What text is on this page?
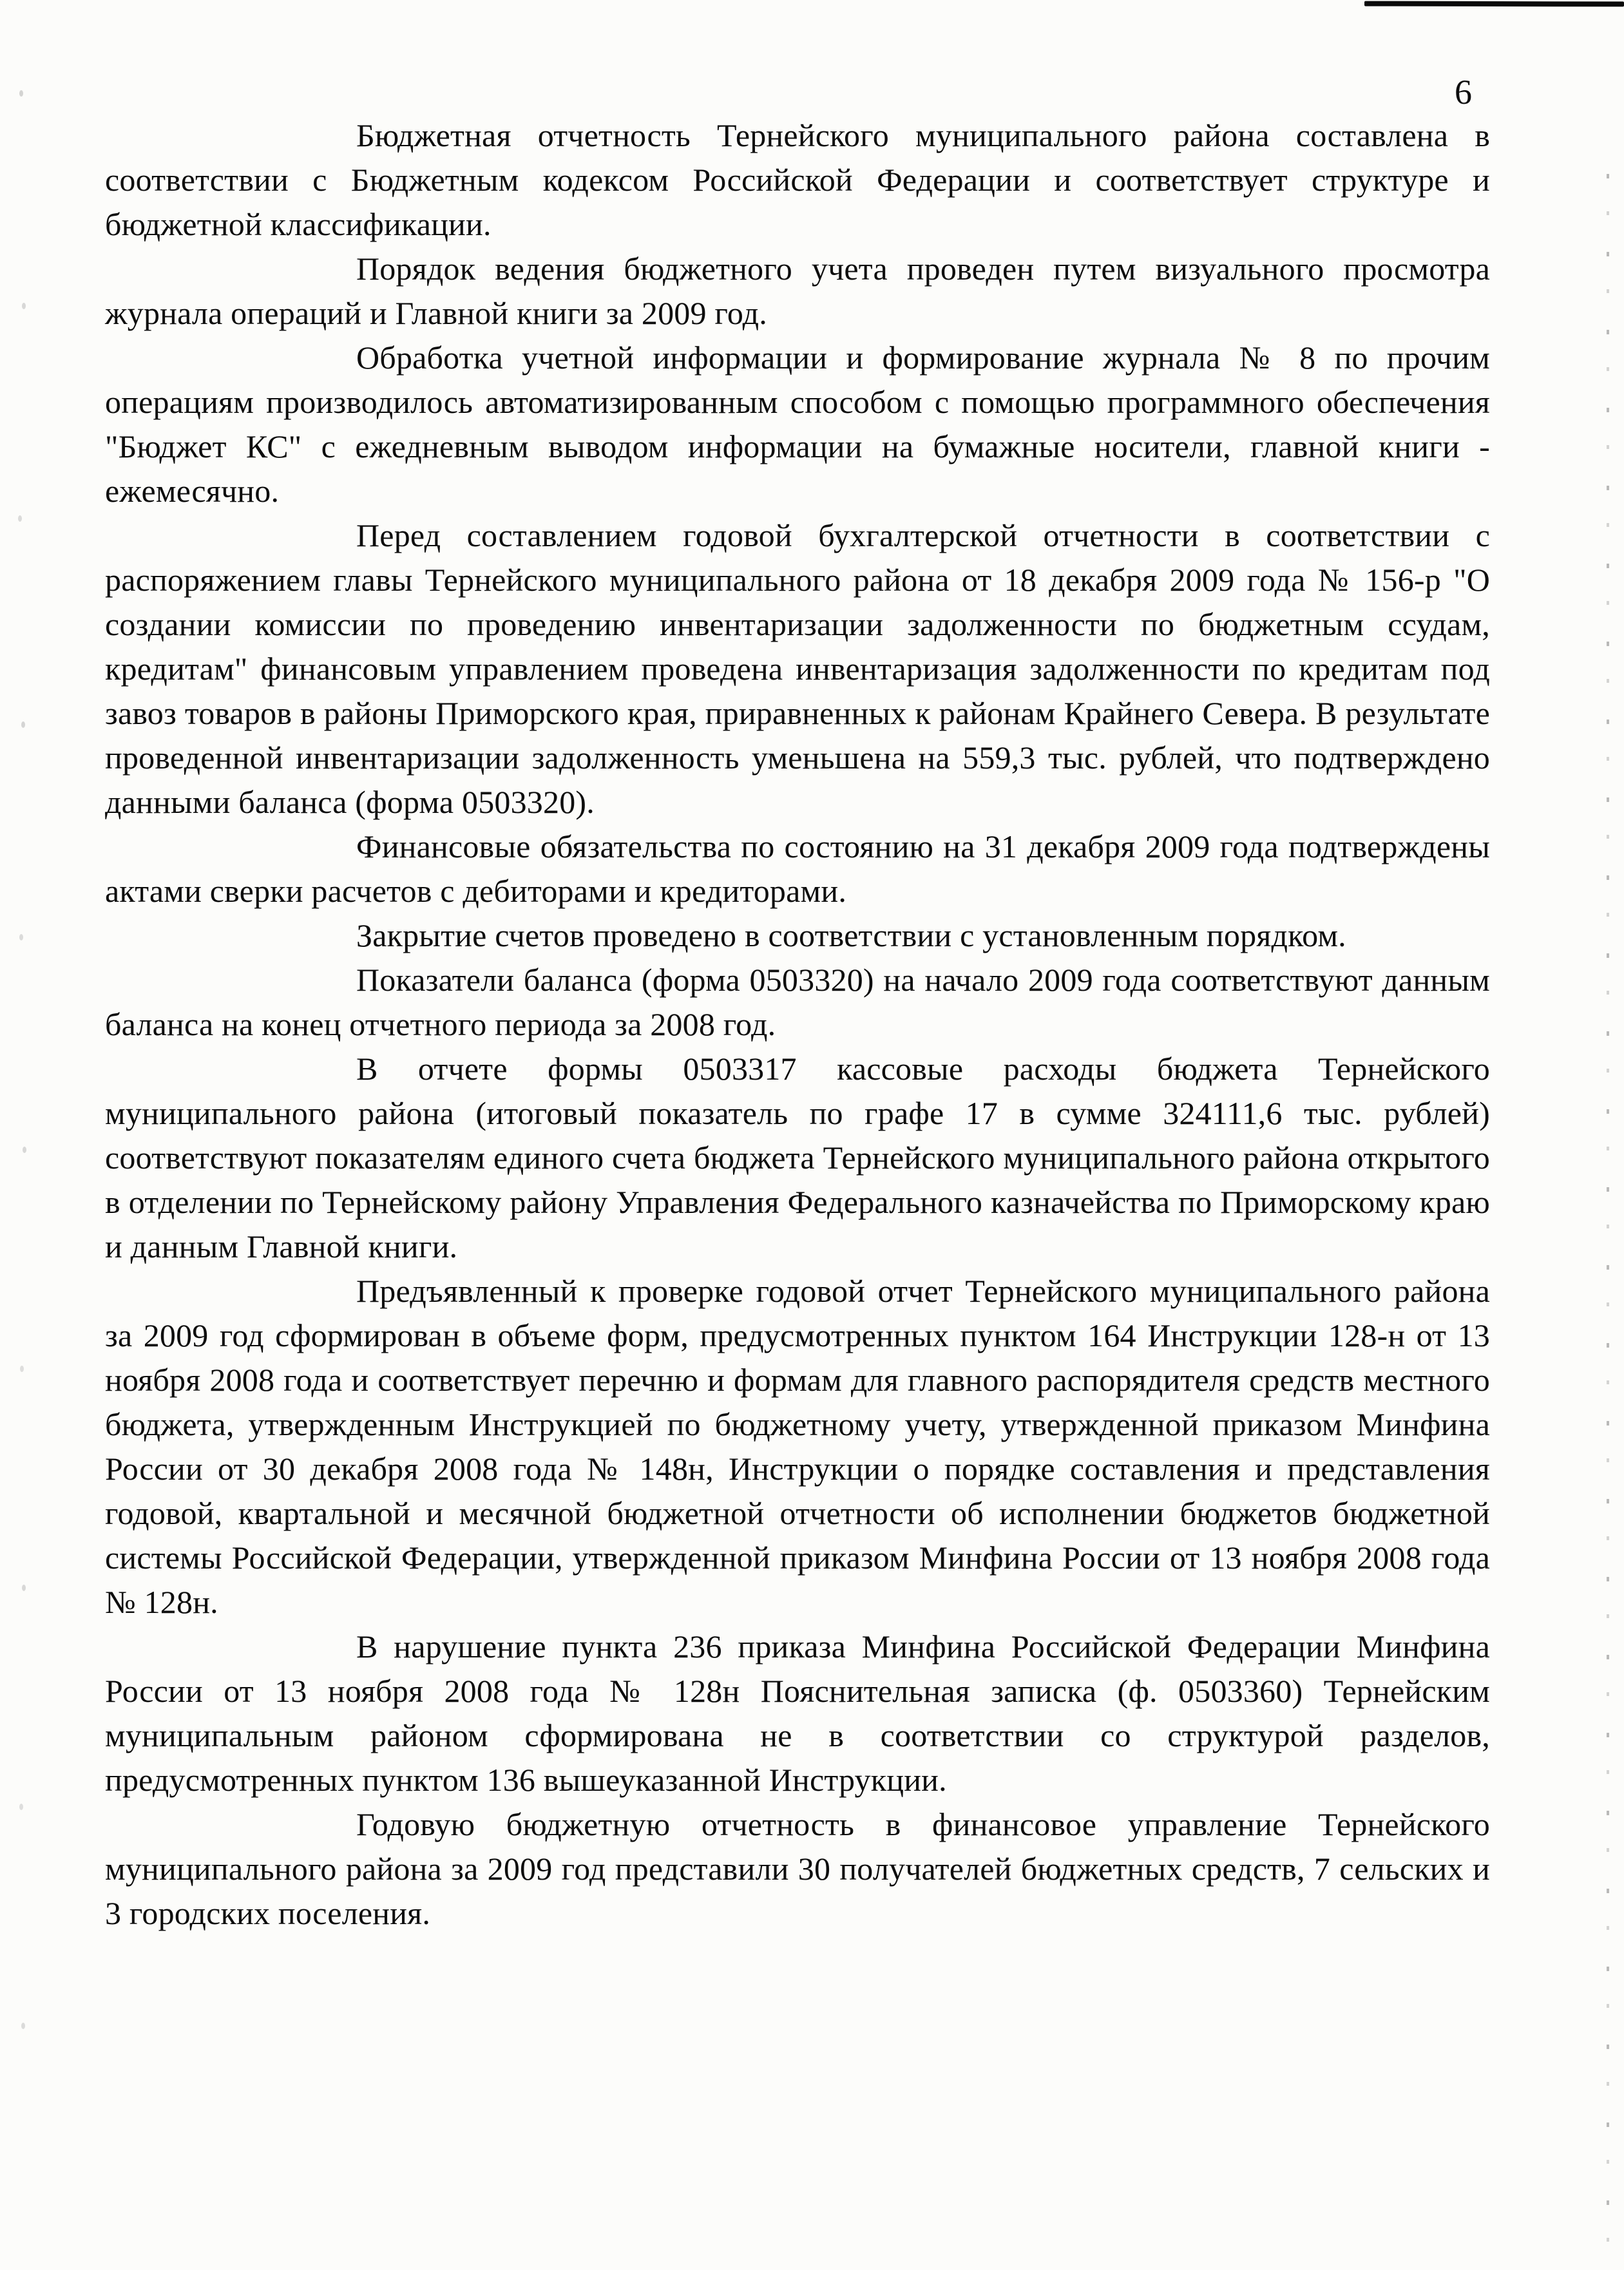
6

Бюджетная отчетность Тернейского муниципального района составлена в соответствии с Бюджетным кодексом Российской Федерации и соответствует структуре и бюджетной классификации.

Порядок ведения бюджетного учета проведен путем визуального просмотра журнала операций и Главной книги за 2009 год.

Обработка учетной информации и формирование журнала № 8 по прочим операциям производилось автоматизированным способом с помощью программного обеспечения "Бюджет КС" с ежедневным выводом информации на бумажные носители, главной книги - ежемесячно.

Перед составлением годовой бухгалтерской отчетности в соответствии с распоряжением главы Тернейского муниципального района от 18 декабря 2009 года № 156-р "О создании комиссии по проведению инвентаризации задолженности по бюджетным ссудам, кредитам" финансовым управлением проведена инвентаризация задолженности по кредитам под завоз товаров в районы Приморского края, приравненных к районам Крайнего Севера. В результате проведенной инвентаризации задолженность уменьшена на 559,3 тыс. рублей, что подтверждено данными баланса (форма 0503320).

Финансовые обязательства по состоянию на 31 декабря 2009 года подтверждены актами сверки расчетов с дебиторами и кредиторами.

Закрытие счетов проведено в соответствии с установленным порядком.

Показатели баланса (форма 0503320) на начало 2009 года соответствуют данным баланса на конец отчетного периода за 2008 год.

В отчете формы 0503317 кассовые расходы бюджета Тернейского муниципального района (итоговый показатель по графе 17 в сумме 324111,6 тыс. рублей) соответствуют показателям единого счета бюджета Тернейского муниципального района открытого в отделении по Тернейскому району Управления Федерального казначейства по Приморскому краю и данным Главной книги.

Предъявленный к проверке годовой отчет Тернейского муниципального района за 2009 год сформирован в объеме форм, предусмотренных пунктом 164 Инструкции 128-н от 13 ноября 2008 года и соответствует перечню и формам для главного распорядителя средств местного бюджета, утвержденным Инструкцией по бюджетному учету, утвержденной приказом Минфина России от 30 декабря 2008 года № 148н, Инструкции о порядке составления и представления годовой, квартальной и месячной бюджетной отчетности об исполнении бюджетов бюджетной системы Российской Федерации, утвержденной приказом Минфина России от 13 ноября 2008 года № 128н.

В нарушение пункта 236 приказа Минфина Российской Федерации Минфина России от 13 ноября 2008 года № 128н Пояснительная записка (ф. 0503360) Тернейским муниципальным районом сформирована не в соответствии со структурой разделов, предусмотренных пунктом 136 вышеуказанной Инструкции.

Годовую бюджетную отчетность в финансовое управление Тернейского муниципального района за 2009 год представили 30 получателей бюджетных средств, 7 сельских и 3 городских поселения.
